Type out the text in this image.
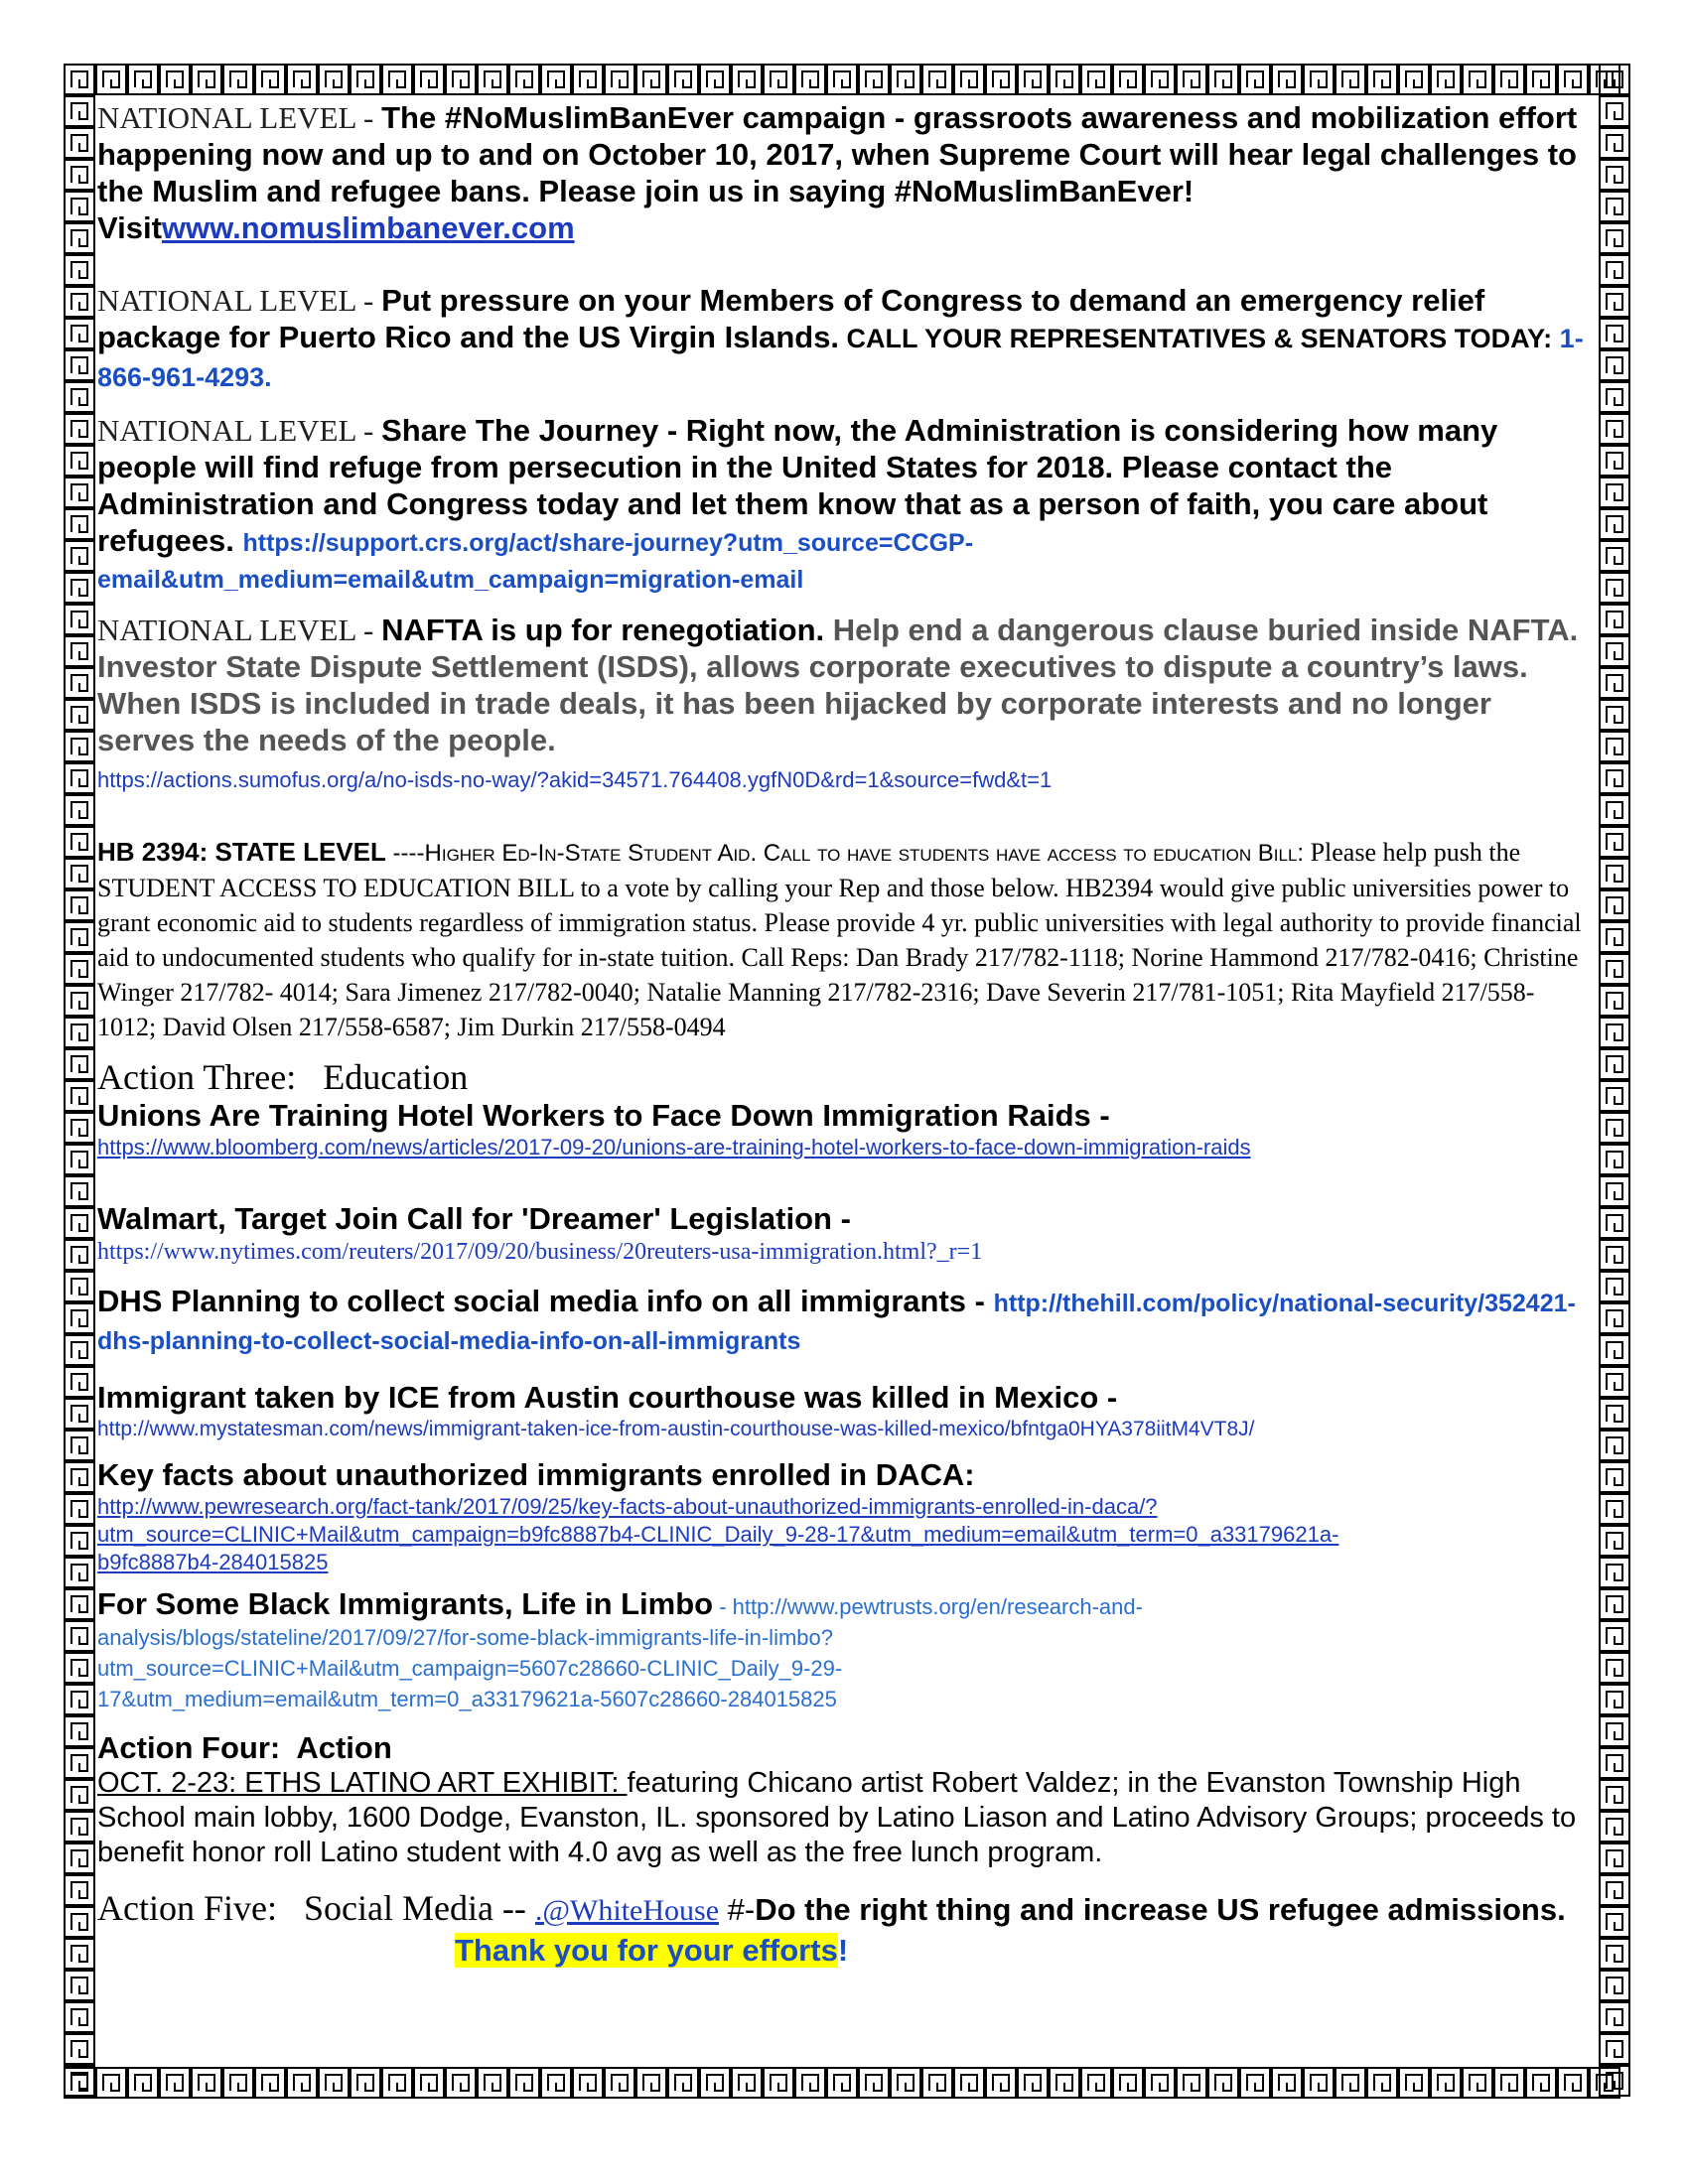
NATIONAL LEVEL - The #NoMuslimBanEver campaign - grassroots awareness and mobilization effort happening now and up to and on October 10, 2017, when Supreme Court will hear legal challenges to the Muslim and refugee bans. Please join us in saying #NoMuslimBanEver! Visitwww.nomuslimbanever.com

NATIONAL LEVEL - Put pressure on your Members of Congress to demand an emergency relief package for Puerto Rico and the US Virgin Islands. CALL YOUR REPRESENTATIVES & SENATORS TODAY: 1-866-961-4293.

NATIONAL LEVEL - Share The Journey - Right now, the Administration is considering how many people will find refuge from persecution in the United States for 2018. Please contact the Administration and Congress today and let them know that as a person of faith, you care about refugees. https://support.crs.org/act/share-journey?utm_source=CCGP-email&utm_medium=email&utm_campaign=migration-email

NATIONAL LEVEL - NAFTA is up for renegotiation. Help end a dangerous clause buried inside NAFTA. Investor State Dispute Settlement (ISDS), allows corporate executives to dispute a country’s laws. When ISDS is included in trade deals, it has been hijacked by corporate interests and no longer serves the needs of the people.
https://actions.sumofus.org/a/no-isds-no-way/?akid=34571.764408.ygfN0D&rd=1&source=fwd&t=1

HB 2394: STATE LEVEL ----Higher Ed-In-State Student Aid. Call to have students have access to education Bill: Please help push the STUDENT ACCESS TO EDUCATION BILL to a vote by calling your Rep and those below. HB2394 would give public universities power to grant economic aid to students regardless of immigration status. Please provide 4 yr. public universities with legal authority to provide financial aid to undocumented students who qualify for in-state tuition. Call Reps: Dan Brady 217/782-1118; Norine Hammond 217/782-0416; Christine Winger 217/782- 4014; Sara Jimenez 217/782-0040; Natalie Manning 217/782-2316; Dave Severin 217/781-1051; Rita Mayfield 217/558-1012; David Olsen 217/558-6587; Jim Durkin 217/558-0494

Action Three:   Education
Unions Are Training Hotel Workers to Face Down Immigration Raids -
https://www.bloomberg.com/news/articles/2017-09-20/unions-are-training-hotel-workers-to-face-down-immigration-raids
Walmart, Target Join Call for 'Dreamer' Legislation -
https://www.nytimes.com/reuters/2017/09/20/business/20reuters-usa-immigration.html?_r=1
DHS Planning to collect social media info on all immigrants - http://thehill.com/policy/national-security/352421-dhs-planning-to-collect-social-media-info-on-all-immigrants
Immigrant taken by ICE from Austin courthouse was killed in Mexico -
http://www.mystatesman.com/news/immigrant-taken-ice-from-austin-courthouse-was-killed-mexico/bfntga0HYA378iitM4VT8J/
Key facts about unauthorized immigrants enrolled in DACA:
http://www.pewresearch.org/fact-tank/2017/09/25/key-facts-about-unauthorized-immigrants-enrolled-in-daca/?utm_source=CLINIC+Mail&utm_campaign=b9fc8887b4-CLINIC_Daily_9-28-17&utm_medium=email&utm_term=0_a33179621a-b9fc8887b4-284015825
For Some Black Immigrants, Life in Limbo - http://www.pewtrusts.org/en/research-and-analysis/blogs/stateline/2017/09/27/for-some-black-immigrants-life-in-limbo?utm_source=CLINIC+Mail&utm_campaign=5607c28660-CLINIC_Daily_9-29-17&utm_medium=email&utm_term=0_a33179621a-5607c28660-284015825
Action Four:  Action

OCT. 2-23: ETHS LATINO ART EXHIBIT: featuring Chicano artist Robert Valdez; in the Evanston Township High School main lobby, 1600 Dodge, Evanston, IL. sponsored by Latino Liason and Latino Advisory Groups; proceeds to benefit honor roll Latino student with 4.0 avg as well as the free lunch program.

Action Five:   Social Media -- .@WhiteHouse #-Do the right thing and increase US refugee admissions. Thank you for your efforts!
